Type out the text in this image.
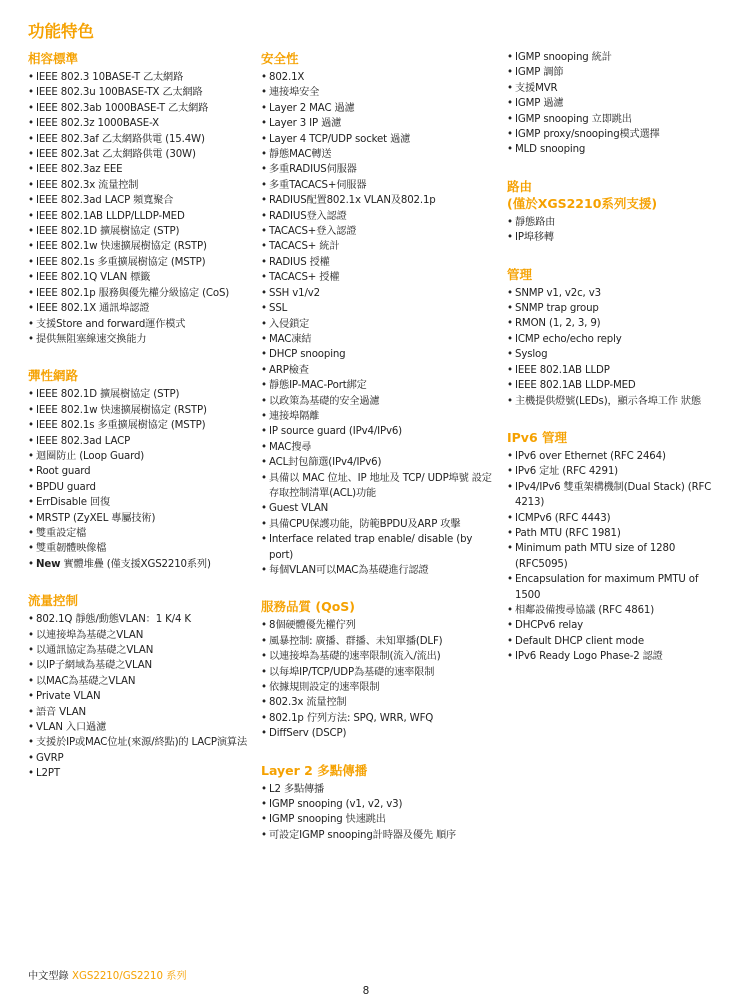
功能特色
相容標準
• IEEE 802.3 10BASE-T 乙太網路
• IEEE 802.3u 100BASE-TX 乙太網路
• IEEE 802.3ab 1000BASE-T 乙太網路
• IEEE 802.3z 1000BASE-X
• IEEE 802.3af 乙太網路供電 (15.4W)
• IEEE 802.3at 乙太網路供電 (30W)
• IEEE 802.3az EEE
• IEEE 802.3x 流量控制
• IEEE 802.3ad LACP 頻寬聚合
• IEEE 802.1AB LLDP/LLDP-MED
• IEEE 802.1D 擴展樹協定 (STP)
• IEEE 802.1w 快速擴展樹協定 (RSTP)
• IEEE 802.1s 多重擴展樹協定 (MSTP)
• IEEE 802.1Q VLAN 標籤
• IEEE 802.1p 服務與優先權分級協定 (CoS)
• IEEE 802.1X 通訊埠認證
• 支援Store and forward運作模式
• 提供無阻塞線速交換能力
彈性網路
• IEEE 802.1D 擴展樹協定 (STP)
• IEEE 802.1w 快速擴展樹協定 (RSTP)
• IEEE 802.1s 多重擴展樹協定 (MSTP)
• IEEE 802.3ad LACP
• 迴圈防止 (Loop Guard)
• Root guard
• BPDU guard
• ErrDisable 回復
• MRSTP (ZyXEL 專屬技術)
• 雙重設定檔
• 雙重韌體映像檔
• New 實體堆疊 (僅支援XGS2210系列)
流量控制
• 802.1Q 靜態/動態VLAN：1 K/4 K
• 以連接埠為基礎之VLAN
• 以通訊協定為基礎之VLAN
• 以IP子網域為基礎之VLAN
• 以MAC為基礎之VLAN
• Private VLAN
• 語音 VLAN
• VLAN 入口過濾
• 支援於IP或MAC位址(來源/終點)的 LACP演算法
• GVRP
• L2PT
安全性
• 802.1X
• 連接埠安全
• Layer 2 MAC 過濾
• Layer 3 IP 過濾
• Layer 4 TCP/UDP socket 過濾
• 靜態MAC轉送
• 多重RADIUS伺服器
• 多重TACACS+伺服器
• RADIUS配置802.1x VLAN及802.1p
• RADIUS登入認證
• TACACS+登入認證
• TACACS+ 統計
• RADIUS 授權
• TACACS+ 授權
• SSH v1/v2
• SSL
• 入侵鎖定
• MAC凍結
• DHCP snooping
• ARP檢查
• 靜態IP-MAC-Port綁定
• 以政策為基礎的安全過濾
• 連接埠隔離
• IP source guard (IPv4/IPv6)
• MAC搜尋
• ACL封包篩選(IPv4/IPv6)
• 具備以 MAC 位址、IP 地址及 TCP/ UDP埠號 設定存取控制清單(ACL)功能
• Guest VLAN
• 具備CPU保護功能，防範BPDU及ARP 攻擊
• Interface related trap enable/ disable (by port)
• 每個VLAN可以MAC為基礎進行認證
服務品質 (QoS)
• 8個硬體優先權佇列
• 風暴控制: 廣播、群播、未知單播(DLF)
• 以連接埠為基礎的速率限制(流入/流出)
• 以每埠IP/TCP/UDP為基礎的速率限制
• 依據規則設定的速率限制
• 802.3x 流量控制
• 802.1p 佇列方法: SPQ, WRR, WFQ
• DiffServ (DSCP)
Layer 2 多點傳播
• L2 多點傳播
• IGMP snooping (v1, v2, v3)
• IGMP snooping 快速跳出
• 可設定IGMP snooping計時器及優先 順序
• IGMP snooping 統計
• IGMP 調節
• 支援MVR
• IGMP 過濾
• IGMP snooping 立即跳出
• IGMP proxy/snooping模式選擇
• MLD snooping
路由
(僅於XGS2210系列支援)
• 靜態路由
• IP埠移轉
管理
• SNMP v1, v2c, v3
• SNMP trap group
• RMON (1, 2, 3, 9)
• ICMP echo/echo reply
• Syslog
• IEEE 802.1AB LLDP
• IEEE 802.1AB LLDP-MED
• 主機提供燈號(LEDs)，顯示各埠工作 狀態
IPv6 管理
• IPv6 over Ethernet (RFC 2464)
• IPv6 定址 (RFC 4291)
• IPv4/IPv6 雙重架構機制(Dual Stack) (RFC 4213)
• ICMPv6 (RFC 4443)
• Path MTU (RFC 1981)
• Minimum path MTU size of 1280 (RFC5095)
• Encapsulation for maximum PMTU of 1500
• 相鄰設備搜尋協議 (RFC 4861)
• DHCPv6 relay
• Default DHCP client mode
• IPv6 Ready Logo Phase-2 認證
中文型錄 XGS2210/GS2210 系列
8
